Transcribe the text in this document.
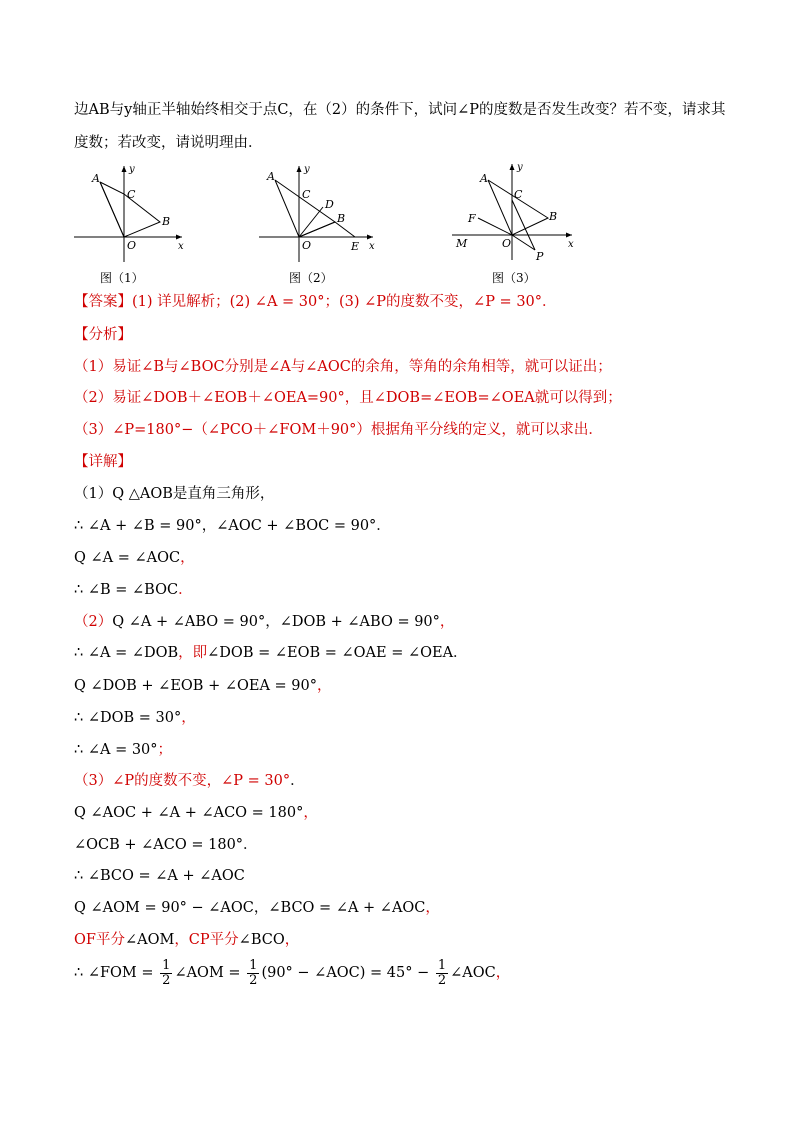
边AB与y轴正半轴始终相交于点C，在（2）的条件下，试问∠P的度数是否发生改变？若不变，请求其
度数；若改变，请说明理由．
A
C
B
O	x
y
图（1）
A
C
D
B
O	E x
y
图（2）
A
C
F	B
M	O
P
x
y
图（3）
【答案】(1) 详见解析；(2) ∠A = 30°；(3) ∠P的度数不变，∠P = 30°．
【分析】
（1）易证∠B与∠BOC分别是∠A与∠AOC的余角，等角的余角相等，就可以证出；
（2）易证∠DOB＋∠EOB＋∠OEA=90°，且∠DOB=∠EOB=∠OEA就可以得到；
（3）∠P=180°−（∠PCO＋∠FOM＋90°）根据角平分线的定义，就可以求出．
【详解】
（1）Q △AOB是直角三角形，
∴ ∠A + ∠B = 90°，∠AOC + ∠BOC = 90°．
Q ∠A = ∠AOC，
∴ ∠B = ∠BOC．
（2）Q ∠A + ∠ABO = 90°，∠DOB + ∠ABO = 90°，
∴ ∠A = ∠DOB，即∠DOB = ∠EOB = ∠OAE = ∠OEA．
Q ∠DOB + ∠EOB + ∠OEA = 90°，
∴ ∠DOB = 30°，
∴ ∠A = 30°；
（3）∠P的度数不变，∠P = 30°．
Q ∠AOC + ∠A + ∠ACO = 180°，
∠OCB + ∠ACO = 180°．
∴ ∠BCO = ∠A + ∠AOC
Q ∠AOM = 90° − ∠AOC，∠BCO = ∠A + ∠AOC，
OF平分∠AOM，CP平分∠BCO，
∴ ∠FOM = $\frac{1}{2}$ ∠AOM = $\frac{1}{2} (90^\circ$ − ∠AOC) = $45^\circ - \frac{1}{2}$ ∠AOC，
